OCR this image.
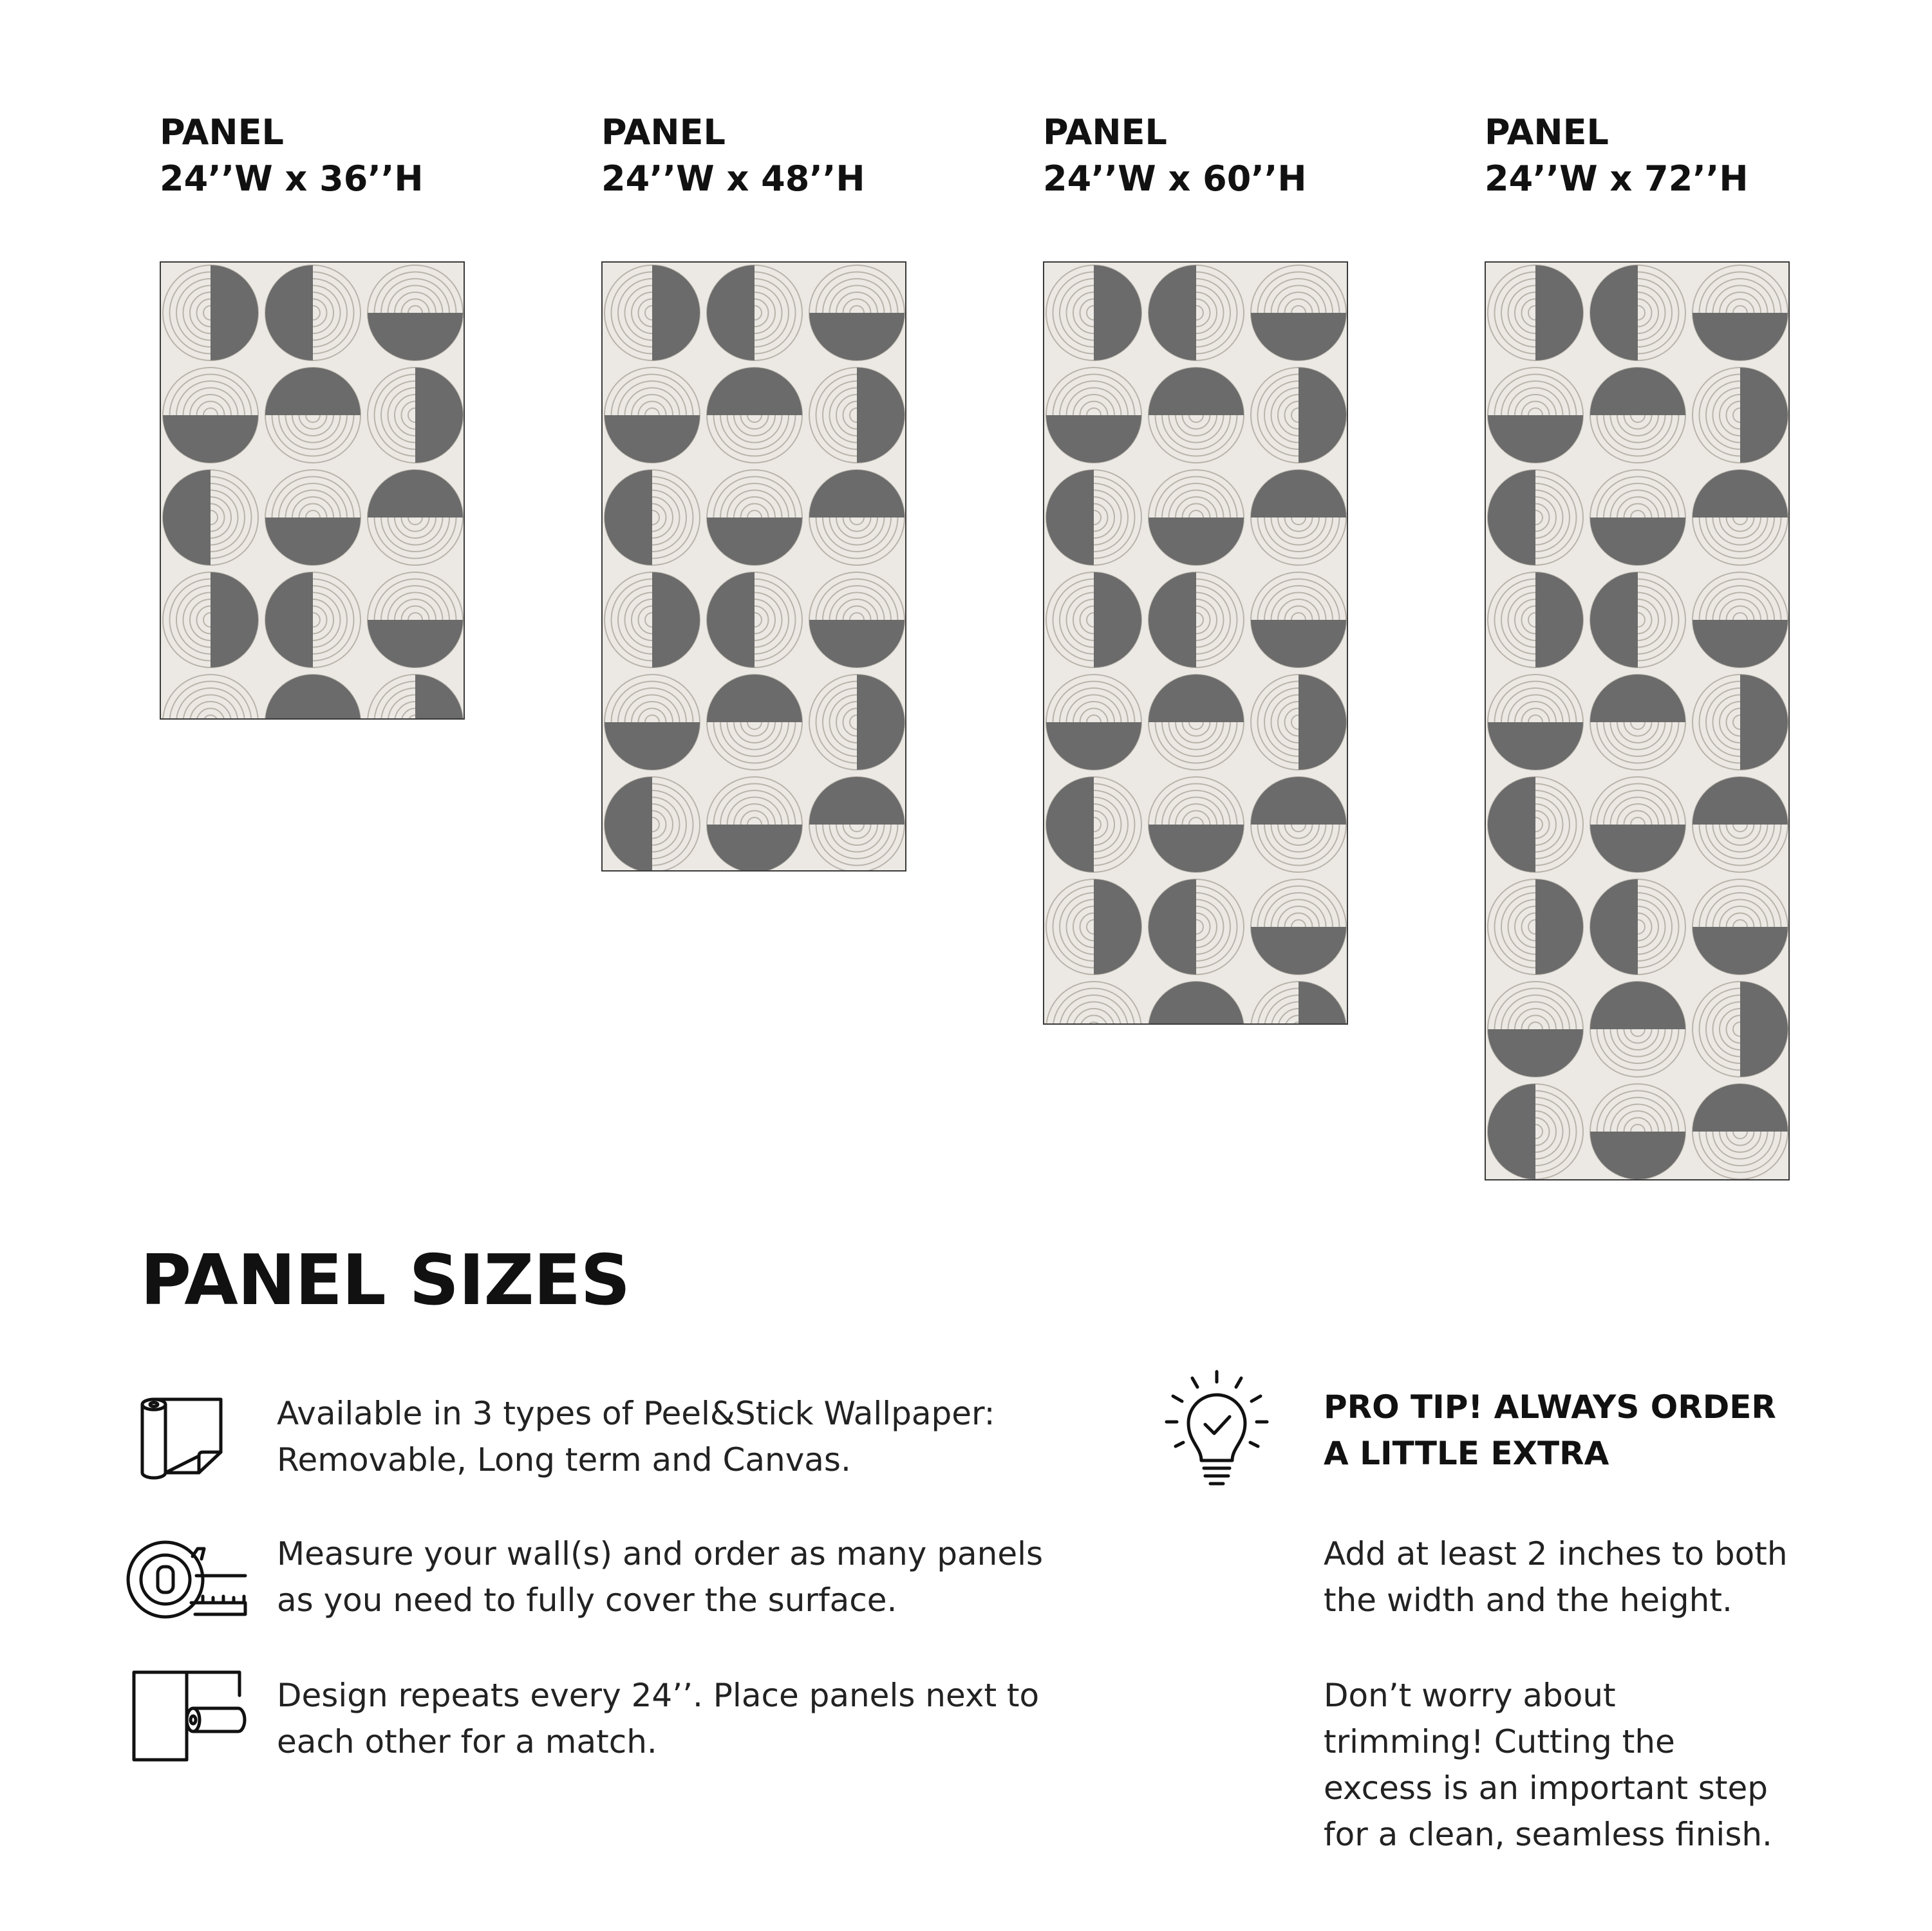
PANEL
24’’W x 36’’H
PANEL
24’’W x 48’’H
PANEL
24’’W x 60’’H
PANEL
24’’W x 72’’H
PANEL SIZES
Available in 3 types of Peel&Stick Wallpaper:
Removable, Long term and Canvas.
Measure your wall(s) and order as many panels
as you need to fully cover the surface.
Design repeats every 24’’. Place panels next to
each other for a match.
PRO TIP! ALWAYS ORDER
A LITTLE EXTRA
Add at least 2 inches to both
the width and the height.
Don’t worry about
trimming! Cutting the
excess is an important step
for a clean, seamless finish.
